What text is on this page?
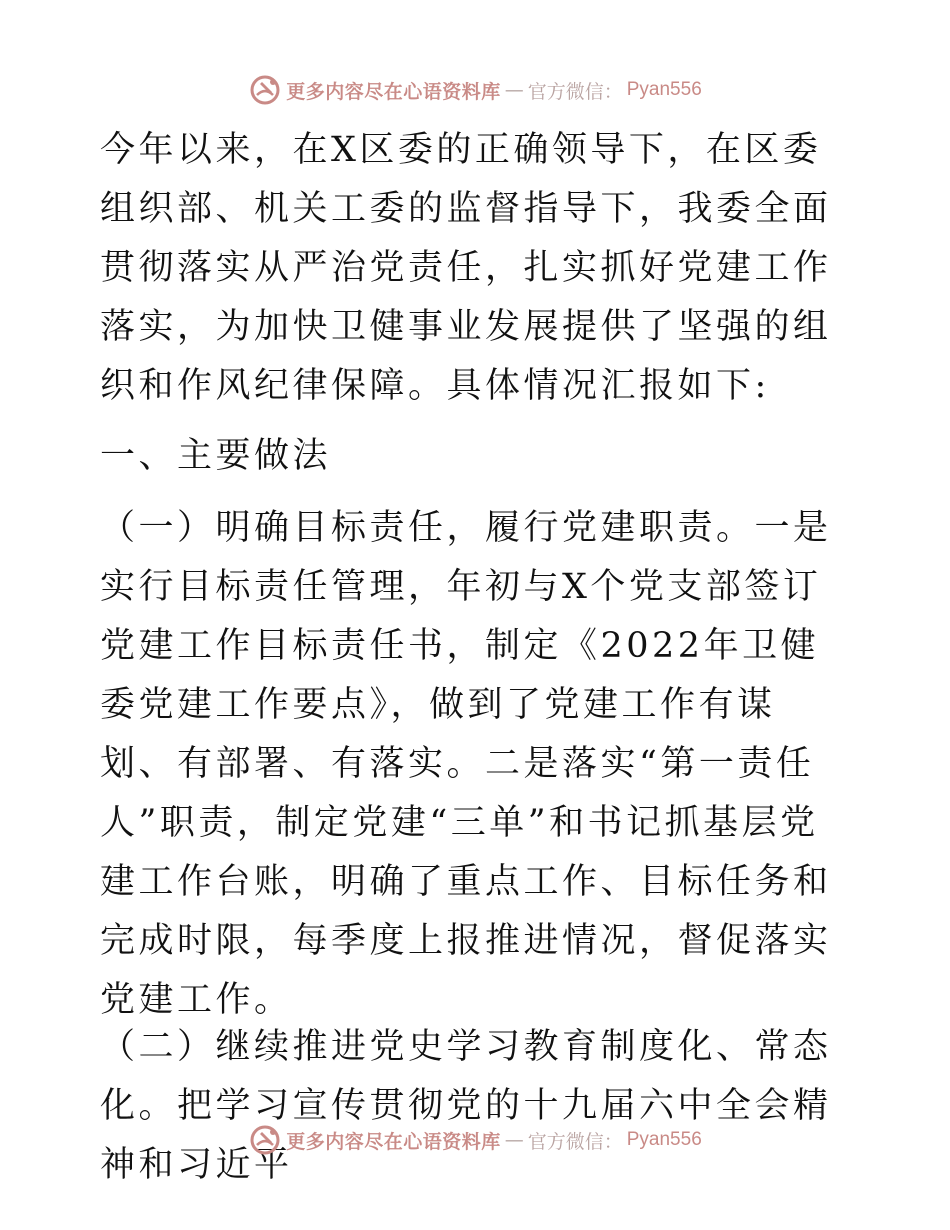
更多内容尽在心语资料库 — 官方微信： Pyan556

今年以来，在X区委的正确领导下，在区委组织部、机关工委的监督指导下，我委全面贯彻落实从严治党责任，扎实抓好党建工作落实，为加快卫健事业发展提供了坚强的组织和作风纪律保障。具体情况汇报如下:

一、主要做法

（一）明确目标责任，履行党建职责。一是实行目标责任管理，年初与X个党支部签订党建工作目标责任书，制定《2022年卫健委党建工作要点》，做到了党建工作有谋划、有部署、有落实。二是落实“第一责任人”职责，制定党建“三单”和书记抓基层党建工作台账，明确了重点工作、目标任务和完成时限，每季度上报推进情况，督促落实党建工作。

（二）继续推进党史学习教育制度化、常态化。把学习宣传贯彻党的十九届六中全会精神和习近平

更多内容尽在心语资料库 — 官方微信： Pyan556
